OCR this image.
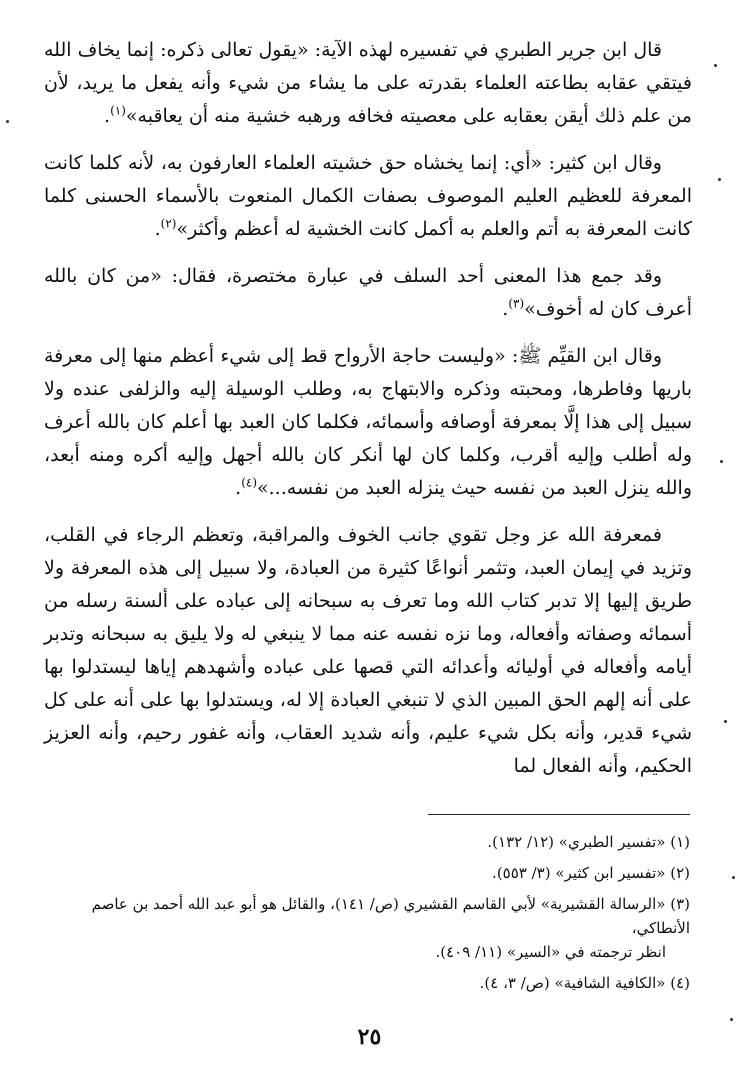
قال ابن جرير الطبري في تفسيره لهذه الآية: «يقول تعالى ذكره: إنما يخاف الله فيتقي عقابه بطاعته العلماء بقدرته على ما يشاء من شيء وأنه يفعل ما يريد، لأن من علم ذلك أيقن بعقابه على معصيته فخافه ورهبه خشية منه أن يعاقبه»$^{(١)}$.

وقال ابن كثير: «أي: إنما يخشاه حق خشيته العلماء العارفون به، لأنه كلما كانت المعرفة للعظيم العليم الموصوف بصفات الكمال المنعوت بالأسماء الحسنى كلما كانت المعرفة به أتم والعلم به أكمل كانت الخشية له أعظم وأكثر»$^{(٢)}$.

وقد جمع هذا المعنى أحد السلف في عبارة مختصرة، فقال: «من كان بالله أعرف كان له أخوف»$^{(٣)}$.

وقال ابن القيِّم ﷺ: «وليست حاجة الأرواح قط إلى شيء أعظم منها إلى معرفة باريها وفاطرها، ومحبته وذكره والابتهاج به، وطلب الوسيلة إليه والزلفى عنده ولا سبيل إلى هذا إلَّا بمعرفة أوصافه وأسمائه، فكلما كان العبد بها أعلم كان بالله أعرف وله أطلب وإليه أقرب، وكلما كان لها أنكر كان بالله أجهل وإليه أكره ومنه أبعد، والله ينزل العبد من نفسه حيث ينزله العبد من نفسه...»$^{(٤)}$.

فمعرفة الله عز وجل تقوي جانب الخوف والمراقبة، وتعظم الرجاء في القلب، وتزيد في إيمان العبد، وتثمر أنواعًا كثيرة من العبادة، ولا سبيل إلى هذه المعرفة ولا طريق إليها إلا تدبر كتاب الله وما تعرف به سبحانه إلى عباده على ألسنة رسله من أسمائه وصفاته وأفعاله، وما نزه نفسه عنه مما لا ينبغي له ولا يليق به سبحانه وتدبر أيامه وأفعاله في أوليائه وأعدائه التي قصها على عباده وأشهدهم إياها ليستدلوا بها على أنه إلهم الحق المبين الذي لا تنبغي العبادة إلا له، ويستدلوا بها على أنه على كل شيء قدير، وأنه بكل شيء عليم، وأنه شديد العقاب، وأنه غفور رحيم، وأنه العزيز الحكيم، وأنه الفعال لما

(١) «تفسير الطبري» (١٢/ ١٣٢).

(٢) «تفسير ابن كثير» (٣/ ٥٥٣).

(٣) «الرسالة القشيرية» لأبي القاسم القشيري (ص/ ١٤١)، والقائل هو أبو عبد الله أحمد بن عاصم الأنطاكي،
انظر ترجمته في «السير» (١١/ ٤٠٩).

(٤) «الكافية الشافية» (ص/ ٣، ٤).

٢٥
